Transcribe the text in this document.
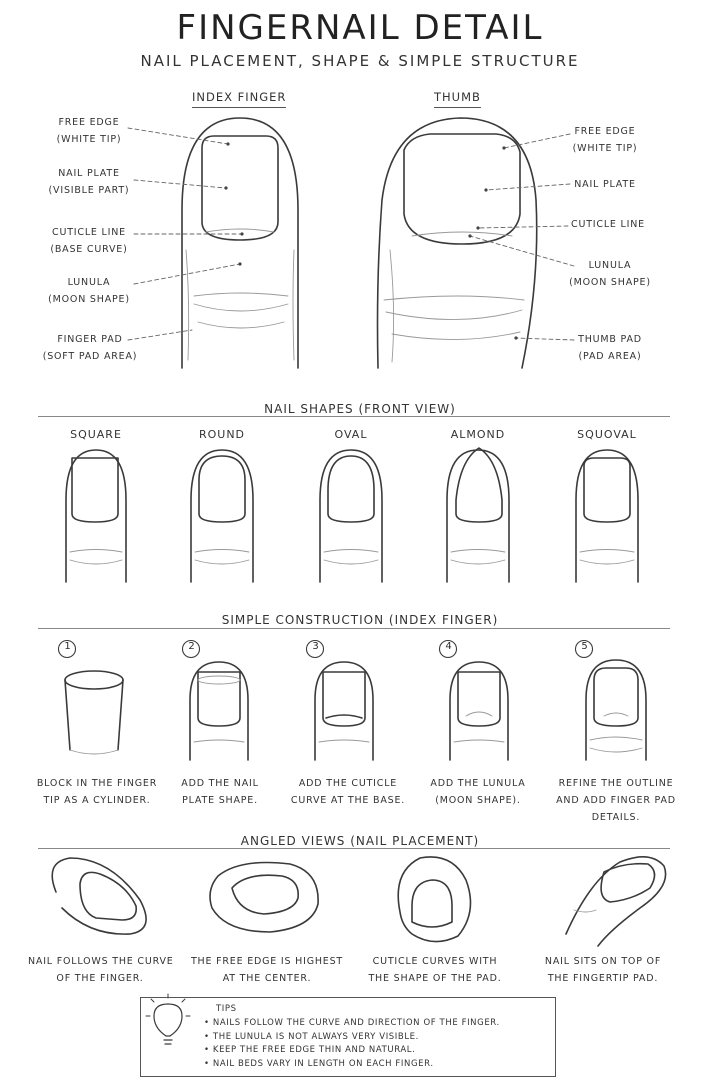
FINGERNAIL DETAIL
NAIL PLACEMENT, SHAPE & SIMPLE STRUCTURE
INDEX FINGER	THUMB
FREE EDGE
(WHITE TIP)
NAIL PLATE
(VISIBLE PART)
CUTICLE LINE
(BASE CURVE)
LUNULA
(MOON SHAPE)
FINGER PAD
(SOFT PAD AREA)
FREE EDGE
(WHITE TIP)
NAIL PLATE
CUTICLE LINE
LUNULA
(MOON SHAPE)
THUMB PAD
(PAD AREA)
NAIL SHAPES (FRONT VIEW)
SQUARE	ROUND	OVAL	ALMOND	SQUOVAL
SIMPLE CONSTRUCTION (INDEX FINGER)
1	2	3	4	5
BLOCK IN THE FINGER
TIP AS A CYLINDER.
ADD THE NAIL
PLATE SHAPE.
ADD THE CUTICLE
CURVE AT THE BASE.
ADD THE LUNULA
(MOON SHAPE).
REFINE THE OUTLINE
AND ADD FINGER PAD
DETAILS.
ANGLED VIEWS (NAIL PLACEMENT)
NAIL FOLLOWS THE CURVE
OF THE FINGER.
THE FREE EDGE IS HIGHEST
AT THE CENTER.
CUTICLE CURVES WITH
THE SHAPE OF THE PAD.
NAIL SITS ON TOP OF
THE FINGERTIP PAD.
TIPS
• NAILS FOLLOW THE CURVE AND DIRECTION OF THE FINGER.
• THE LUNULA IS NOT ALWAYS VERY VISIBLE.
• KEEP THE FREE EDGE THIN AND NATURAL.
• NAIL BEDS VARY IN LENGTH ON EACH FINGER.
